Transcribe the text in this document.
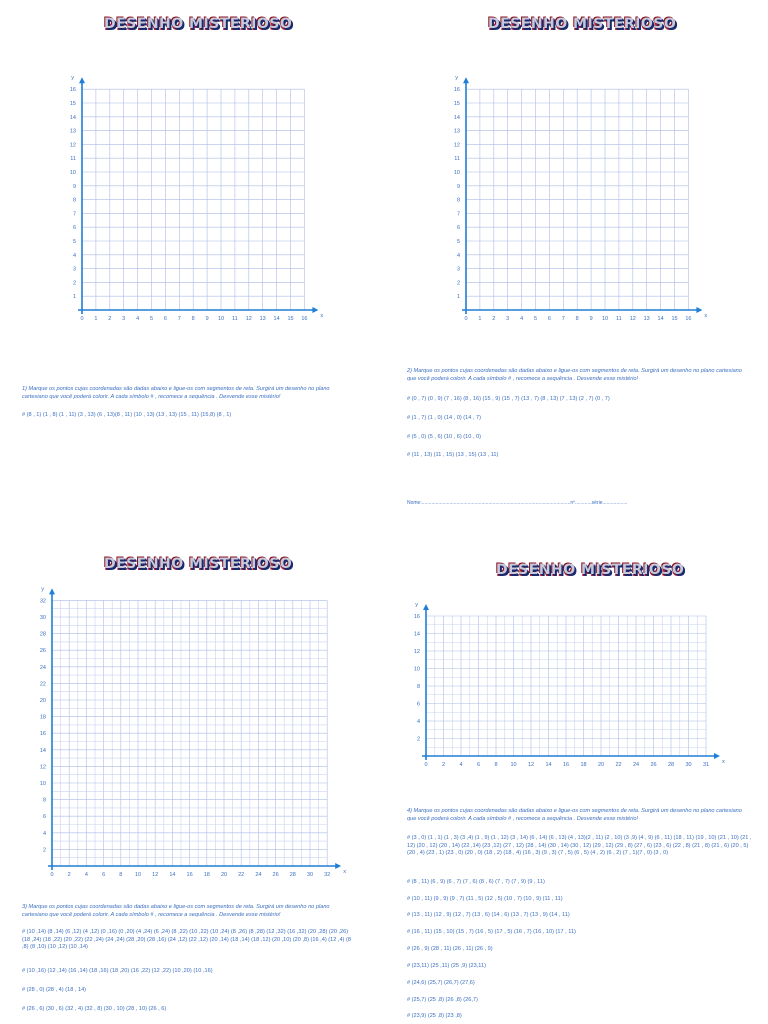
DESENHO MISTERIOSO
0 1 2 3 4 5 6 7 8 9 10 11 12 13 14 15 16
1
2
3
4
5
6
7
8
9
10
11
12
13
14
15
16
x
y
1) Marque os pontos cujas coordenadas são dadas abaixo e ligue-os com segmentos de reta. Surgirá um desenho no plano cartesiano que você poderá colorir. A cada símbolo # , recomece a sequência . Desvende esse mistério!
# (8 , 1) (1 , 8) (1 , 11) (3 , 13) (6 , 13)(8 , 11) (10 , 13) (13 , 13) (15 , 11) (15,8) (8 , 1)
DESENHO MISTERIOSO
0 1 2 3 4 5 6 7 8 9 10 11 12 13 14 15 16
1
2
3
4
5
6
7
8
9
10
11
12
13
14
15
16
x
y
2) Marque os pontos cujas coordenadas são dadas abaixo e ligue-os com segmentos de reta. Surgirá um desenho no plano cartesiano que você poderá colorir. A cada símbolo # , recomece a sequência . Desvende esse mistério!
# (0 , 7) (0 , 9) (7 , 16) (8 , 16) (15 , 9) (15 , 7) (13 , 7) (8 , 13) (7 , 13) (2 , 7) (0 , 7)
# (1 , 7) (1 , 0) (14 , 0) (14 , 7)
# (5 , 0) (5 , 6) (10 , 6) (10 , 0)
# (11 , 13) (11 , 15) (13 , 15) (13 , 11)
Nome:...........................................................................................................nº............série..................
DESENHO MISTERIOSO
0	2	4	6	8 10 12 14 16 18 20 22 24 26 28 30 32
2
4
6
8
10
12
14
16
18
20
22
24
26
28
30
32
x
y
3) Marque os pontos cujas coordenadas são dadas abaixo e ligue-os com segmentos de reta. Surgirá um desenho no plano cartesiano que você poderá colorir. A cada símbolo # , recomece a sequência . Desvende esse mistério!
# (10 ,14) (8 ,14) (6 ,12) (4 ,12) (0 ,16) (0 ,20) (4 ,24) (6 ,24) (8 ,22) (10 ,22) (10 ,24) (8 ,26) (8 ,28) (12 ,32) (16 ,32) (20 ,28) (20 ,26) (18 ,24) (18 ,22) (20 ,22) (22 ,24) (24 ,24) (28 ,20) (28 ,16) (24 ,12) (22 ,12) (20 ,14) (18 ,14) (18 ,12) (20 ,10) (20 ,8) (16 ,4) (12 ,4) (8 ,8) (8 ,10) (10 ,12) (10 ,14)
# (10 ,16) (12 ,14) (16 ,14) (18 ,16) (18 ,20) (16 ,22) (12 ,22) (10 ,20) (10 ,16)
# (28 , 0) (28 , 4) (18 , 14)
# (26 , 6) (30 , 6) (32 , 4) (32 , 8) (30 , 10) (28 , 10) (26 , 6)
DESENHO MISTERIOSO
0	2	4	6	8 10 12 14 16 18 20 22 24 26 28 30 31
2
4
6
8
10
12
14
16
x
y
4) Marque os pontos cujas coordenadas são dadas abaixo e ligue-os com segmentos de reta. Surgirá um desenho no plano cartesiano que você poderá colorir. A cada símbolo # , recomece a sequência . Desvende esse mistério!
# (3 , 0) (1 , 1) (1 , 3) (3 ,4) (1 , 9) (1 , 12) (3 , 14) (6 , 14) (6 , 13) (4 , 13)(2 , 11) (2 , 10) (3 ,9) (4 , 9) (6 , 11) (18 , 11) (19 , 10) (21 , 10) (21 , 12) (20 , 12) (20 , 14) (22 ,14) (23 ,12) (27 , 12) (28 , 14) (30 , 14) (30 , 12) (29 , 12) (29 , 8) (27 , 6) (23 , 6) (22 , 8) (21 , 8) (21 , 6) (20 , 5) (20 , 4) (23 , 1) (23 , 0) (20 , 0) (18 , 2) (18 , 4) (16 , 3) (9 , 3) (7 , 5) (6 , 5) (4 , 2) (6 , 2) (7 , 1)(7 , 0) (3 , 0)
# (8 , 11) (6 , 9) (6 , 7) (7 , 6) (8 , 6) (7 , 7) (7 , 9) (9 , 11)
# (10 , 11) (9 , 9) (9 , 7) (11 , 5) (12 , 5) (10 , 7) (10 , 9) (11 , 11)
# (13 , 11) (12 , 9) (12 , 7) (13 , 6) (14 , 6) (13 , 7) (13 , 9) (14 , 11)
# (16 , 11) (15 , 10) (15 , 7) (16 , 5) (17 , 5) (16 , 7) (16 , 10) (17 , 11)
# (26 , 9) (28 , 11) (26 , 11) (26 , 9)
# (23,11) (25 ,11) (25 ,9) (23,11)
# (24,6) (25,7) (26,7) (27,6)
# (25,7) (25 ,8) (26 ,8) (26,7)
# (23,9) (25 ,8) (23 ,8)
